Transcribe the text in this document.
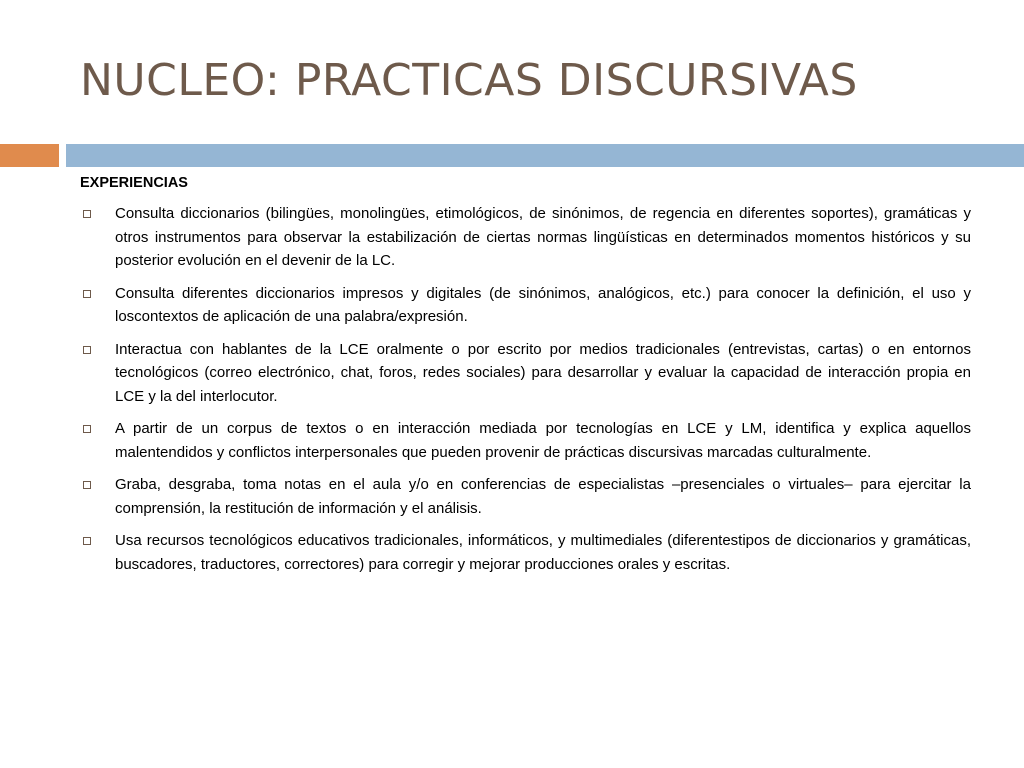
NUCLEO: PRACTICAS DISCURSIVAS
EXPERIENCIAS
Consulta diccionarios (bilingües, monolingües, etimológicos, de sinónimos, de regencia en diferentes soportes), gramáticas y otros instrumentos para observar la estabilización de ciertas normas lingüísticas en determinados momentos históricos y su posterior evolución en el devenir de la LC.
Consulta diferentes diccionarios impresos y digitales (de sinónimos, analógicos, etc.) para conocer la definición, el uso y loscontextos de aplicación de una palabra/expresión.
Interactua con hablantes de la LCE oralmente o por escrito por medios tradicionales (entrevistas, cartas) o en entornos tecnológicos (correo electrónico, chat, foros, redes sociales) para desarrollar y evaluar la capacidad de interacción propia en LCE y la del interlocutor.
A partir de un corpus de textos o en interacción mediada por tecnologías en LCE y LM, identifica y explica aquellos malentendidos y conflictos interpersonales que pueden provenir de prácticas discursivas marcadas culturalmente.
Graba, desgraba, toma notas en el aula y/o en conferencias de especialistas –presenciales o virtuales– para ejercitar la comprensión, la restitución de información y el análisis.
Usa recursos tecnológicos educativos tradicionales, informáticos, y multimediales (diferentestipos de diccionarios y gramáticas, buscadores, traductores, correctores) para corregir y mejorar producciones orales y escritas.
